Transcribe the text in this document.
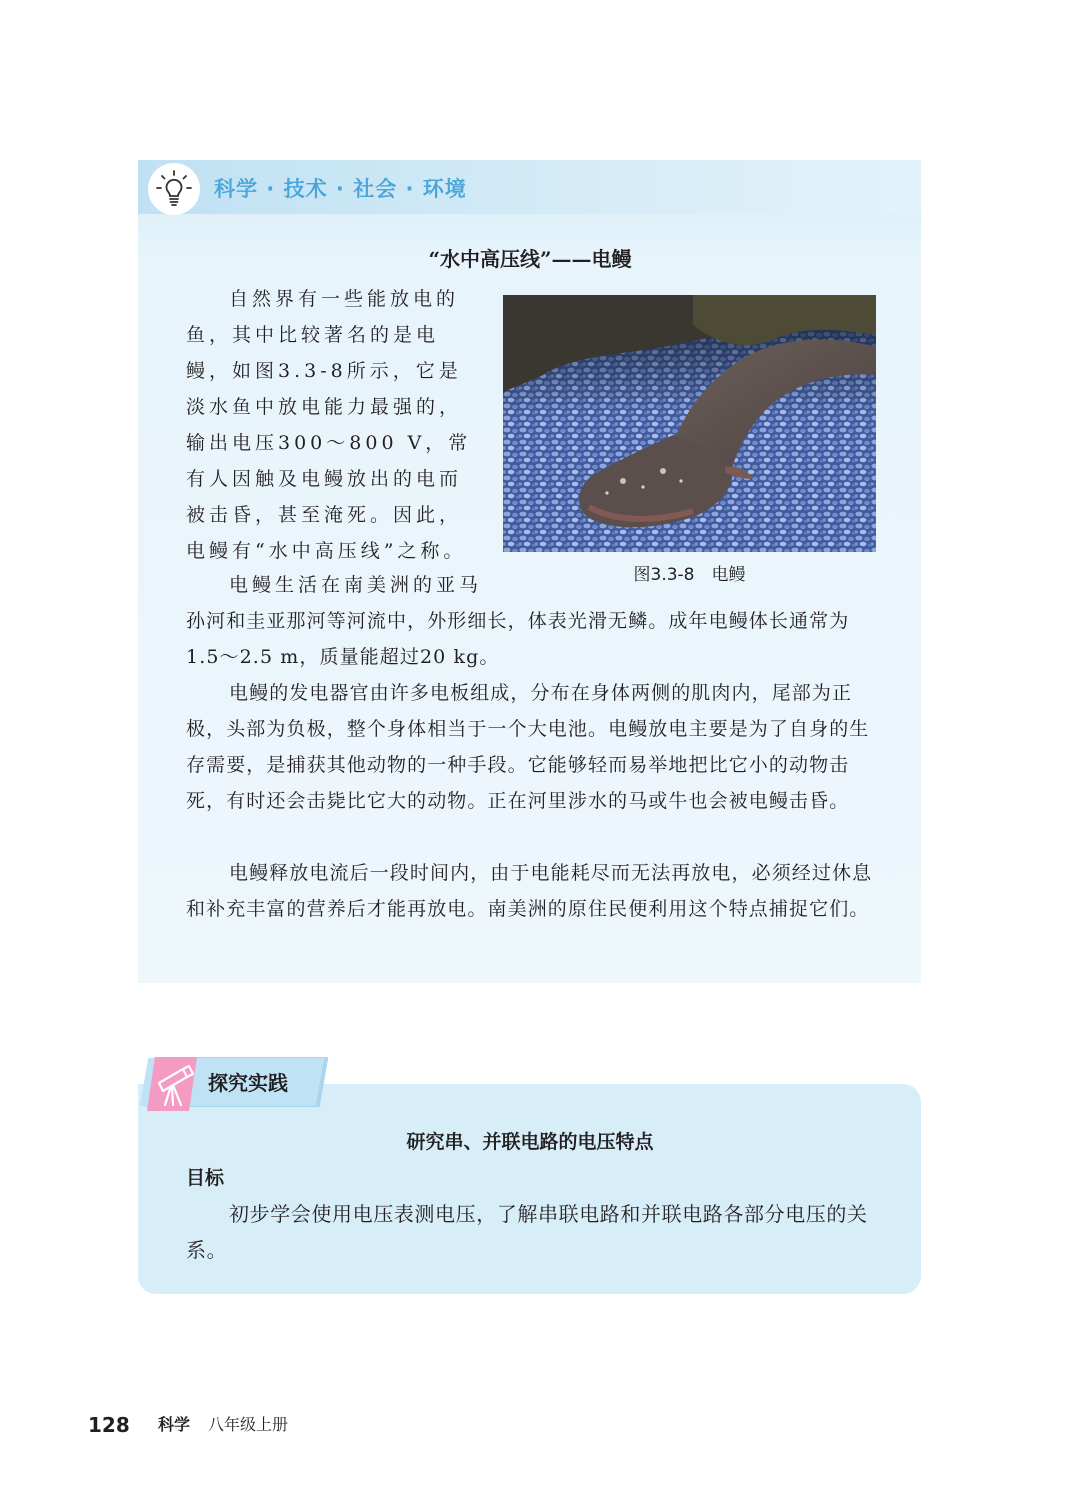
科学 · 技术 · 社会 · 环境
“水中高压线”——电鳗

自然界有一些能放电的鱼，其中比较著名的是电鳗，如图3.3-8所示，它是淡水鱼中放电能力最强的，输出电压300～800 V，常有人因触及电鳗放出的电而被击昏，甚至淹死。因此，电鳗有“水中高压线”之称。

电鳗生活在南美洲的亚马

孙河和圭亚那河等河流中，外形细长，体表光滑无鳞。成年电鳗体长通常为1.5～2.5 m，质量能超过20 kg。

电鳗的发电器官由许多电板组成，分布在身体两侧的肌肉内，尾部为正极，头部为负极，整个身体相当于一个大电池。电鳗放电主要是为了自身的生存需要，是捕获其他动物的一种手段。它能够轻而易举地把比它小的动物击死，有时还会击毙比它大的动物。正在河里涉水的马或牛也会被电鳗击昏。

电鳗释放电流后一段时间内，由于电能耗尽而无法再放电，必须经过休息和补充丰富的营养后才能再放电。南美洲的原住民便利用这个特点捕捉它们。

图3.3-8　电鳗
探究实践
研究串、并联电路的电压特点
目标

初步学会使用电压表测电压，了解串联电路和并联电路各部分电压的关系。

128 科学 八年级上册
